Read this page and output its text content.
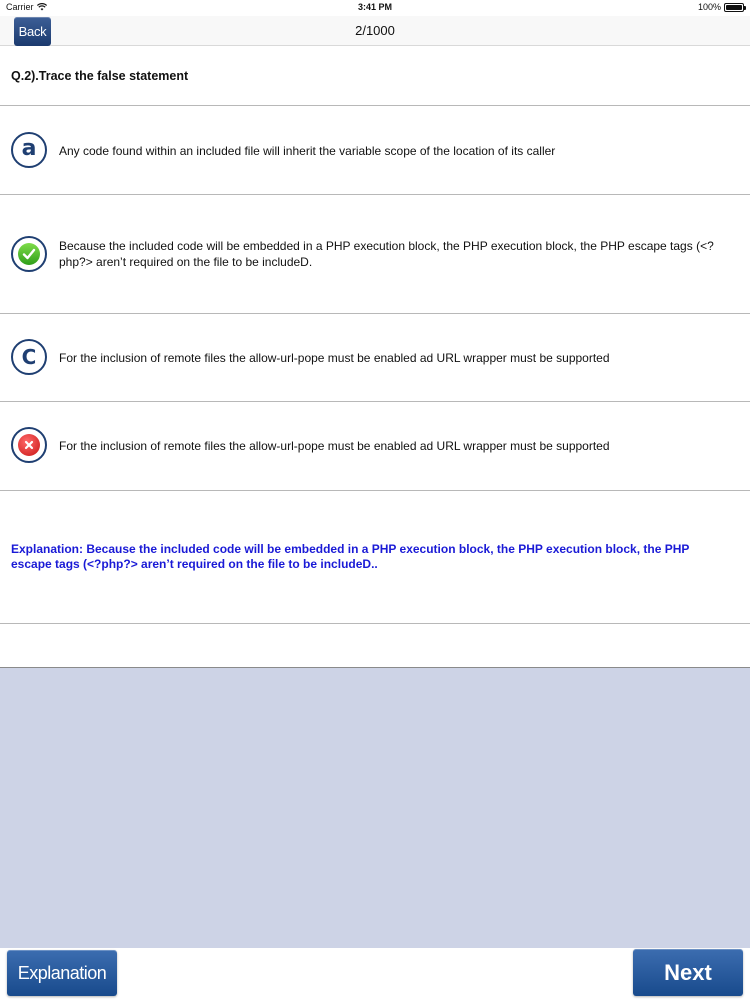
Carrier	3:41 PM	100%
Back	2/1000
Q.2).Trace the false statement
a Any code found within an included file will inherit the variable scope of the location of its caller
Because the included code will be embedded in a PHP execution block, the PHP execution block, the PHP escape tags (<?php?> aren’t required on the file to be includeD.
C For the inclusion of remote files the allow-url-pope must be enabled ad URL wrapper must be supported
For the inclusion of remote files the allow-url-pope must be enabled ad URL wrapper must be supported
Explanation: Because the included code will be embedded in a PHP execution block, the PHP execution block, the PHP escape tags (<?php?> aren’t required on the file to be includeD..
Explanation	Next
